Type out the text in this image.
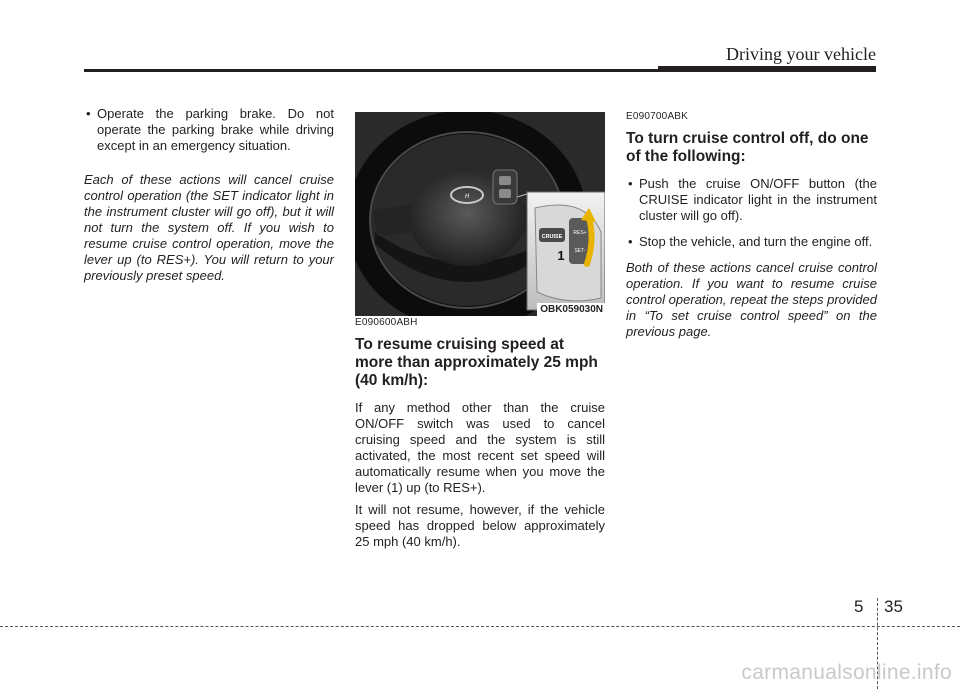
Driving your vehicle

• Operate the parking brake. Do not operate the parking brake while driving except in an emergency situation.

Each of these actions will cancel cruise control operation (the SET indicator light in the instrument cluster will go off), but it will not turn the system off. If you wish to resume cruise control operation, move the lever up (to RES+). You will return to your previously preset speed.

H
CRUISE
RES+
SET-
1
OBK059030N

E090600ABH

To resume cruising speed at more than approximately 25 mph (40 km/h):

If any method other than the cruise ON/OFF switch was used to cancel cruising speed and the system is still activated, the most recent set speed will automatically resume when you move the lever (1) up (to RES+).

It will not resume, however, if the vehicle speed has dropped below approximately 25 mph (40 km/h).

E090700ABK

To turn cruise control off, do one of the following:

• Push the cruise ON/OFF button (the CRUISE indicator light in the instrument cluster will go off).

• Stop the vehicle, and turn the engine off.

Both of these actions cancel cruise control operation. If you want to resume cruise control operation, repeat the steps provided in “To set cruise control speed” on the previous page.

5 35
carmanualsonline.info
